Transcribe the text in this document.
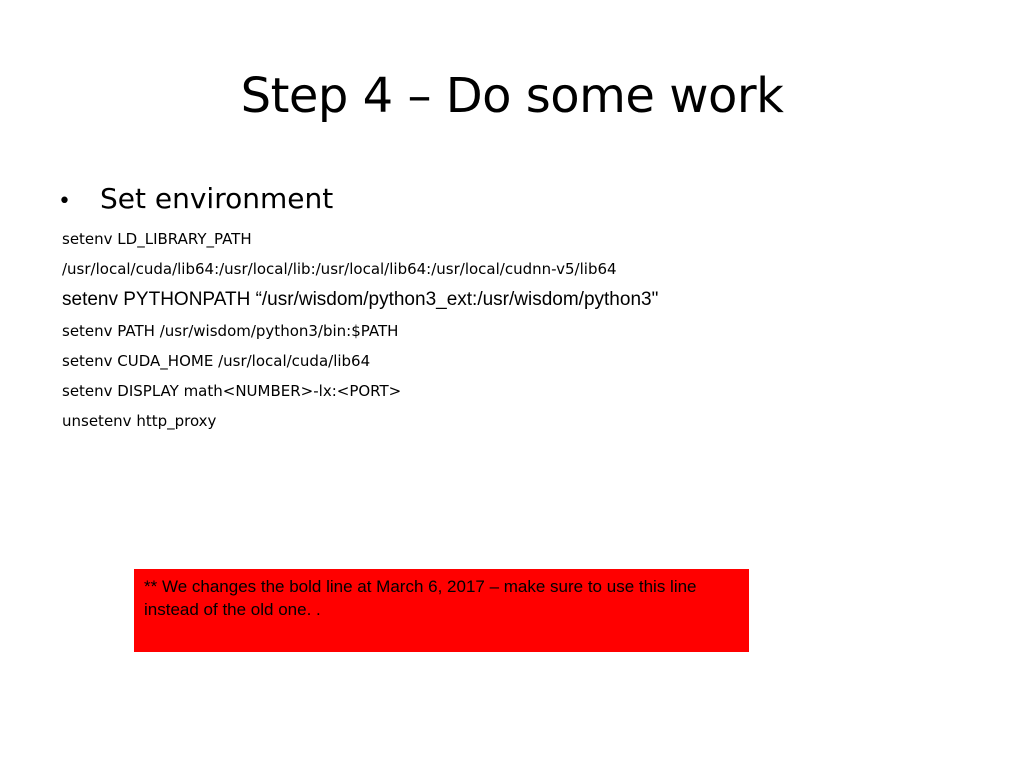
Step 4 – Do some work
• Set environment
setenv LD_LIBRARY_PATH
/usr/local/cuda/lib64:/usr/local/lib:/usr/local/lib64:/usr/local/cudnn-v5/lib64
setenv PYTHONPATH “/usr/wisdom/python3_ext:/usr/wisdom/python3"
setenv PATH /usr/wisdom/python3/bin:$PATH
setenv CUDA_HOME /usr/local/cuda/lib64
setenv DISPLAY math<NUMBER>-lx:<PORT>
unsetenv http_proxy
** We changes the bold line at March 6, 2017 – make sure to use this line instead of the old one. .
